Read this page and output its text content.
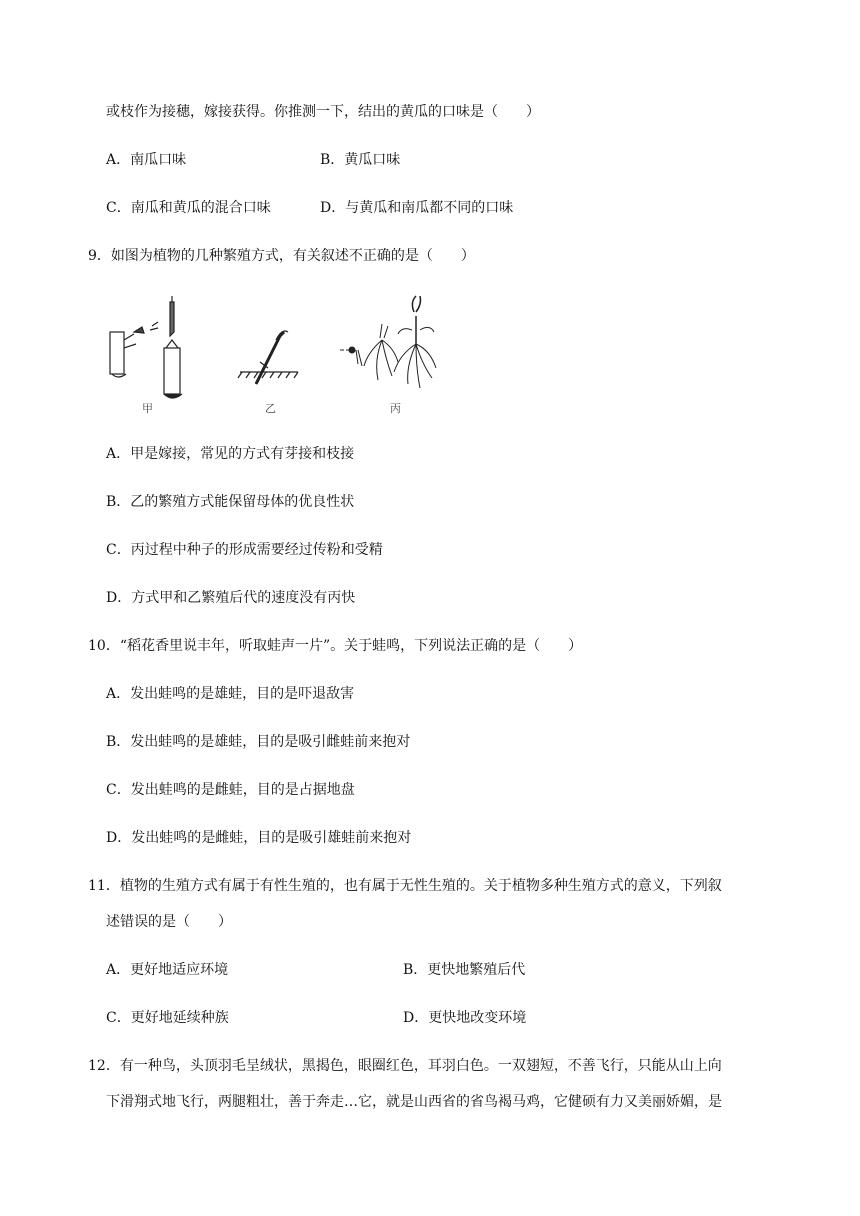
或枝作为接穗，嫁接获得。你推测一下，结出的黄瓜的口味是（　　）
A．南瓜口味	B．黄瓜口味
C．南瓜和黄瓜的混合口味	D．与黄瓜和南瓜都不同的口味
9．如图为植物的几种繁殖方式，有关叙述不正确的是（　　）
甲	乙	丙
A．甲是嫁接，常见的方式有芽接和枝接
B．乙的繁殖方式能保留母体的优良性状
C．丙过程中种子的形成需要经过传粉和受精
D．方式甲和乙繁殖后代的速度没有丙快
10．“稻花香里说丰年，听取蛙声一片”。关于蛙鸣，下列说法正确的是（　　）
A．发出蛙鸣的是雄蛙，目的是吓退敌害
B．发出蛙鸣的是雄蛙，目的是吸引雌蛙前来抱对
C．发出蛙鸣的是雌蛙，目的是占据地盘
D．发出蛙鸣的是雌蛙，目的是吸引雄蛙前来抱对
11．植物的生殖方式有属于有性生殖的，也有属于无性生殖的。关于植物多种生殖方式的意义，下列叙
述错误的是（　　）
A．更好地适应环境	B．更快地繁殖后代
C．更好地延续种族	D．更快地改变环境
12．有一种鸟，头顶羽毛呈绒状，黑揭色，眼圈红色，耳羽白色。一双翅短，不善飞行，只能从山上向
下滑翔式地飞行，两腿粗壮，善于奔走…它，就是山西省的省鸟褐马鸡，它健硕有力又美丽娇媚，是
